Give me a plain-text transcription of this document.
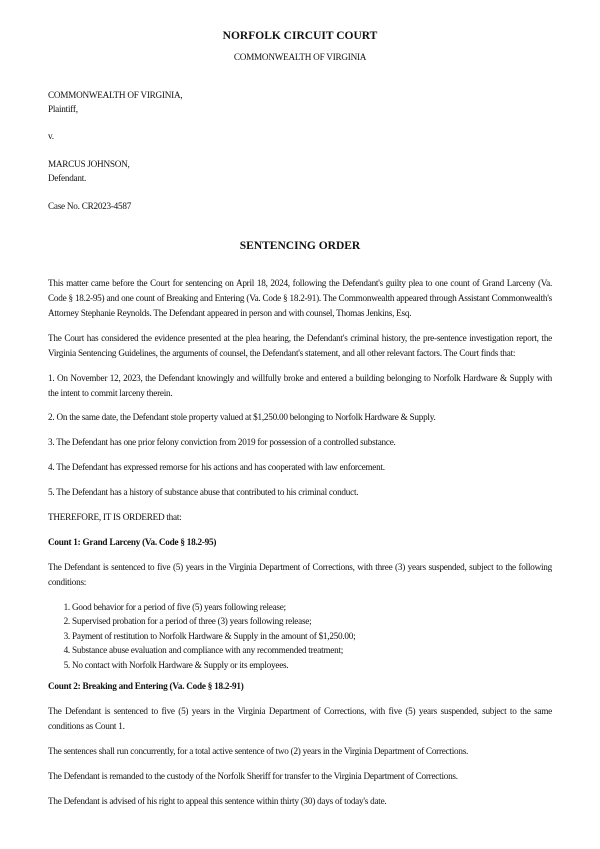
NORFOLK CIRCUIT COURT

COMMONWEALTH OF VIRGINIA

COMMONWEALTH OF VIRGINIA,

Plaintiff,

v.

MARCUS JOHNSON,

Defendant.

Case No. CR2023-4587

SENTENCING ORDER

This matter came before the Court for sentencing on April 18, 2024, following the Defendant's guilty plea to one count of Grand Larceny (Va. Code § 18.2-95) and one count of Breaking and Entering (Va. Code § 18.2-91). The Commonwealth appeared through Assistant Commonwealth's Attorney Stephanie Reynolds. The Defendant appeared in person and with counsel, Thomas Jenkins, Esq.

The Court has considered the evidence presented at the plea hearing, the Defendant's criminal history, the pre-sentence investigation report, the Virginia Sentencing Guidelines, the arguments of counsel, the Defendant's statement, and all other relevant factors. The Court finds that:

1. On November 12, 2023, the Defendant knowingly and willfully broke and entered a building belonging to Norfolk Hardware & Supply with the intent to commit larceny therein.

2. On the same date, the Defendant stole property valued at $1,250.00 belonging to Norfolk Hardware & Supply.

3. The Defendant has one prior felony conviction from 2019 for possession of a controlled substance.

4. The Defendant has expressed remorse for his actions and has cooperated with law enforcement.

5. The Defendant has a history of substance abuse that contributed to his criminal conduct.

THEREFORE, IT IS ORDERED that:

Count 1: Grand Larceny (Va. Code § 18.2-95)

The Defendant is sentenced to five (5) years in the Virginia Department of Corrections, with three (3) years suspended, subject to the following conditions:

1. Good behavior for a period of five (5) years following release;
2. Supervised probation for a period of three (3) years following release;
3. Payment of restitution to Norfolk Hardware & Supply in the amount of $1,250.00;
4. Substance abuse evaluation and compliance with any recommended treatment;
5. No contact with Norfolk Hardware & Supply or its employees.

Count 2: Breaking and Entering (Va. Code § 18.2-91)

The Defendant is sentenced to five (5) years in the Virginia Department of Corrections, with five (5) years suspended, subject to the same conditions as Count 1.

The sentences shall run concurrently, for a total active sentence of two (2) years in the Virginia Department of Corrections.

The Defendant is remanded to the custody of the Norfolk Sheriff for transfer to the Virginia Department of Corrections.

The Defendant is advised of his right to appeal this sentence within thirty (30) days of today's date.
